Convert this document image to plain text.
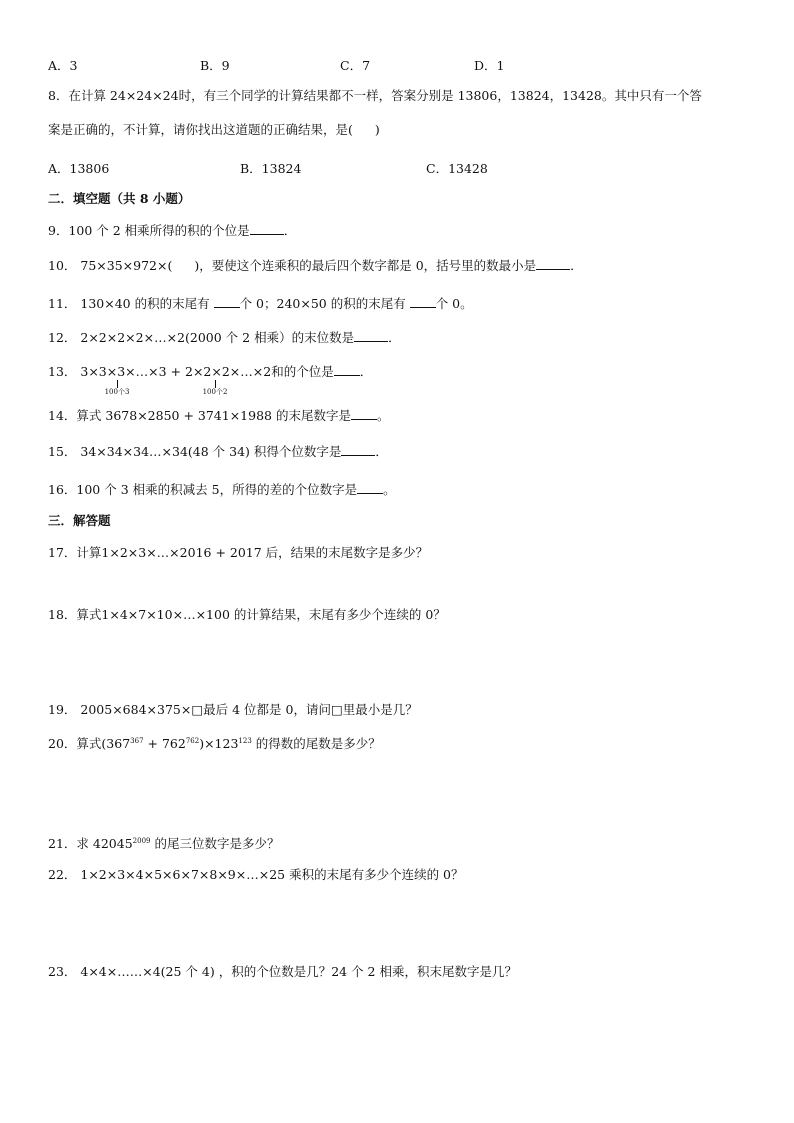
A．3	B．9	C．7	D．1
8．在计算 24×24×24时，有三个同学的计算结果都不一样，答案分别是 13806，13824，13428。其中只有一个答
案是正确的，不计算，请你找出这道题的正确结果，是( )
A．13806	B．13824	C．13428
二．填空题（共 8 小题）
9．100 个 2 相乘所得的积的个位是	．
10． 75×35×972×( )，要使这个连乘积的最后四个数字都是 0，括号里的数最小是	．
11． 130×40 的积的末尾有 个 0；240×50 的积的末尾有 个 0。
12． 2×2×2×2×…×2(2000 个 2 相乘）的末位数是	．
13． 3×3×3×…×3 + 2×2×2×…×2和的个位是 ．
100个3	100个2
14．算式 3678×2850 + 3741×1988 的末尾数字是 。
15． 34×34×34…×34(48 个 34) 积得个位数字是	．
16．100 个 3 相乘的积减去 5，所得的差的个位数字是 。
三．解答题
17．计算1×2×3×…×2016 + 2017 后，结果的末尾数字是多少？
18．算式1×4×7×10×…×100 的计算结果，末尾有多少个连续的 0？
19． 2005×684×375×□最后 4 位都是 0，请问□里最小是几？
20．算式$(367^{367} + 762^{762})\times 123^{123}$ 的得数的尾数是多少？
21．求 $42045^{2009}$ 的尾三位数字是多少？
22． 1×2×3×4×5×6×7×8×9×…×25 乘积的末尾有多少个连续的 0？
23． 4×4×……×4(25 个 4) ，积的个位数是几？24 个 2 相乘，积末尾数字是几？
